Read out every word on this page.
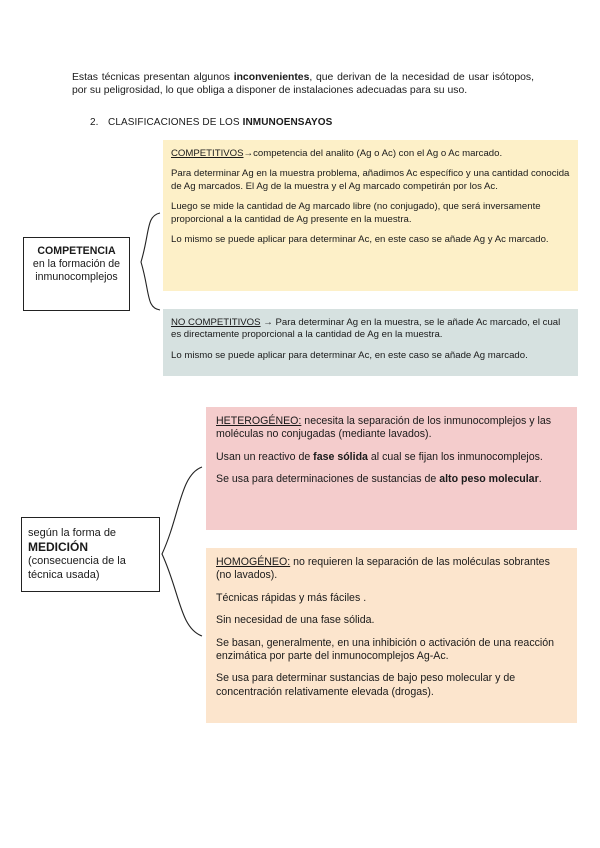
Estas técnicas presentan algunos inconvenientes, que derivan de la necesidad de usar isótopos, por su peligrosidad, lo que obliga a disponer de instalaciones adecuadas para su uso.
2. CLASIFICACIONES DE LOS INMUNOENSAYOS
COMPETENCIA
en la formación de inmunocomplejos

COMPETITIVOS→competencia del analito (Ag o Ac) con el Ag o Ac marcado.

Para determinar Ag en la muestra problema, añadimos Ac específico y una cantidad conocida de Ag marcados. El Ag de la muestra y el Ag marcado competirán por los Ac.

Luego se mide la cantidad de Ag marcado libre (no conjugado), que será inversamente proporcional a la cantidad de Ag presente en la muestra.

Lo mismo se puede aplicar para determinar Ac, en este caso se añade Ag y Ac marcado.

NO COMPETITIVOS → Para determinar Ag en la muestra, se le añade Ac marcado, el cual es directamente proporcional a la cantidad de Ag en la muestra.

Lo mismo se puede aplicar para determinar Ac, en este caso se añade Ag marcado.

según la forma de
MEDICIÓN
(consecuencia de la técnica usada)

HETEROGÉNEO: necesita la separación de los inmunocomplejos y las moléculas no conjugadas (mediante lavados).

Usan un reactivo de fase sólida al cual se fijan los inmunocomplejos.

Se usa para determinaciones de sustancias de alto peso molecular.

HOMOGÉNEO: no requieren la separación de las moléculas sobrantes (no lavados).

Técnicas rápidas y más fáciles .

Sin necesidad de una fase sólida.

Se basan, generalmente, en una inhibición o activación de una reacción enzimática por parte del inmunocomplejos Ag-Ac.

Se usa para determinar sustancias de bajo peso molecular y de concentración relativamente elevada (drogas).
